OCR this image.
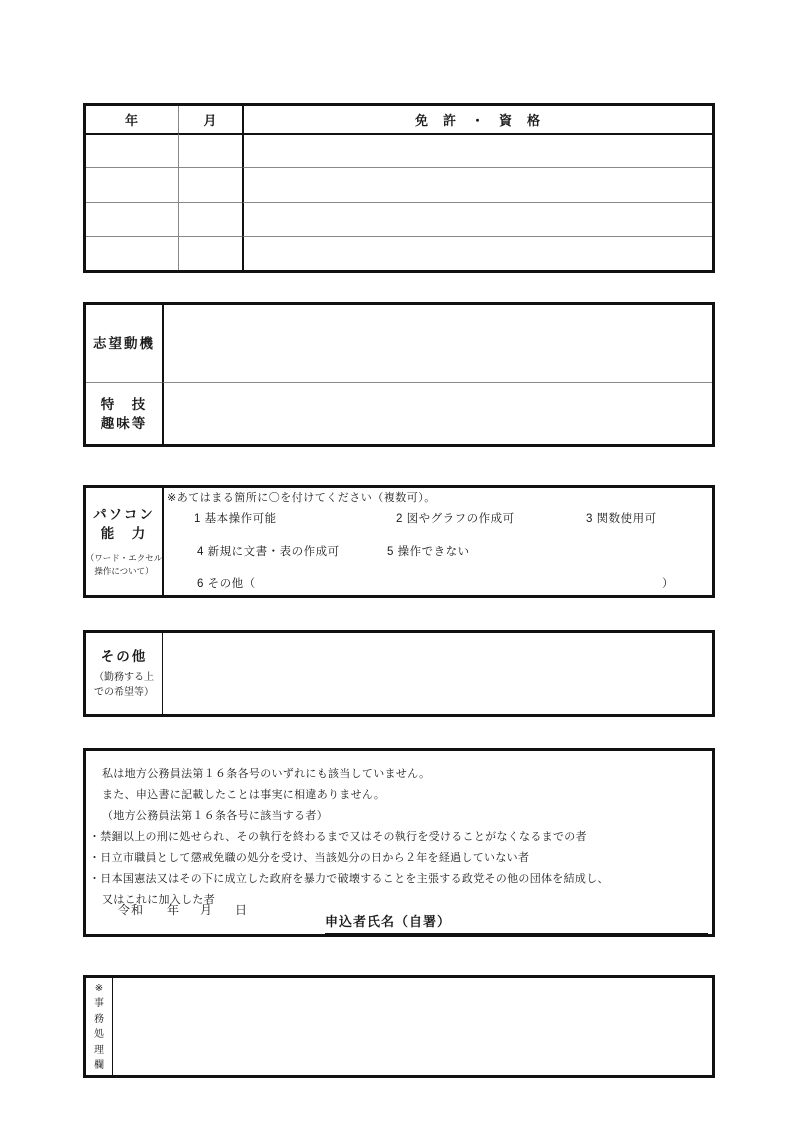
年	月	免　許　・　資　格
志望動機
特　技
趣味等
パソコン
能　力
（ワード・エクセル
操作について）
※あてはまる箇所に〇を付けてください（複数可）。
1 基本操作可能	2 図やグラフの作成可	3 関数使用可
4 新規に文書・表の作成可	5 操作できない
6 その他（	）
その他
（勤務する上
での希望等）
私は地方公務員法第１６条各号のいずれにも該当していません。
また、申込書に記載したことは事実に相違ありません。
（地方公務員法第１６条各号に該当する者）
・禁錮以上の刑に処せられ、その執行を終わるまで又はその執行を受けることがなくなるまでの者
・日立市職員として懲戒免職の処分を受け、当該処分の日から２年を経過していない者
・日本国憲法又はその下に成立した政府を暴力で破壊することを主張する政党その他の団体を結成し、
又はこれに加入した者
令和 年 月 日
申込者氏名（自署）
※
事
務
処
理
欄
